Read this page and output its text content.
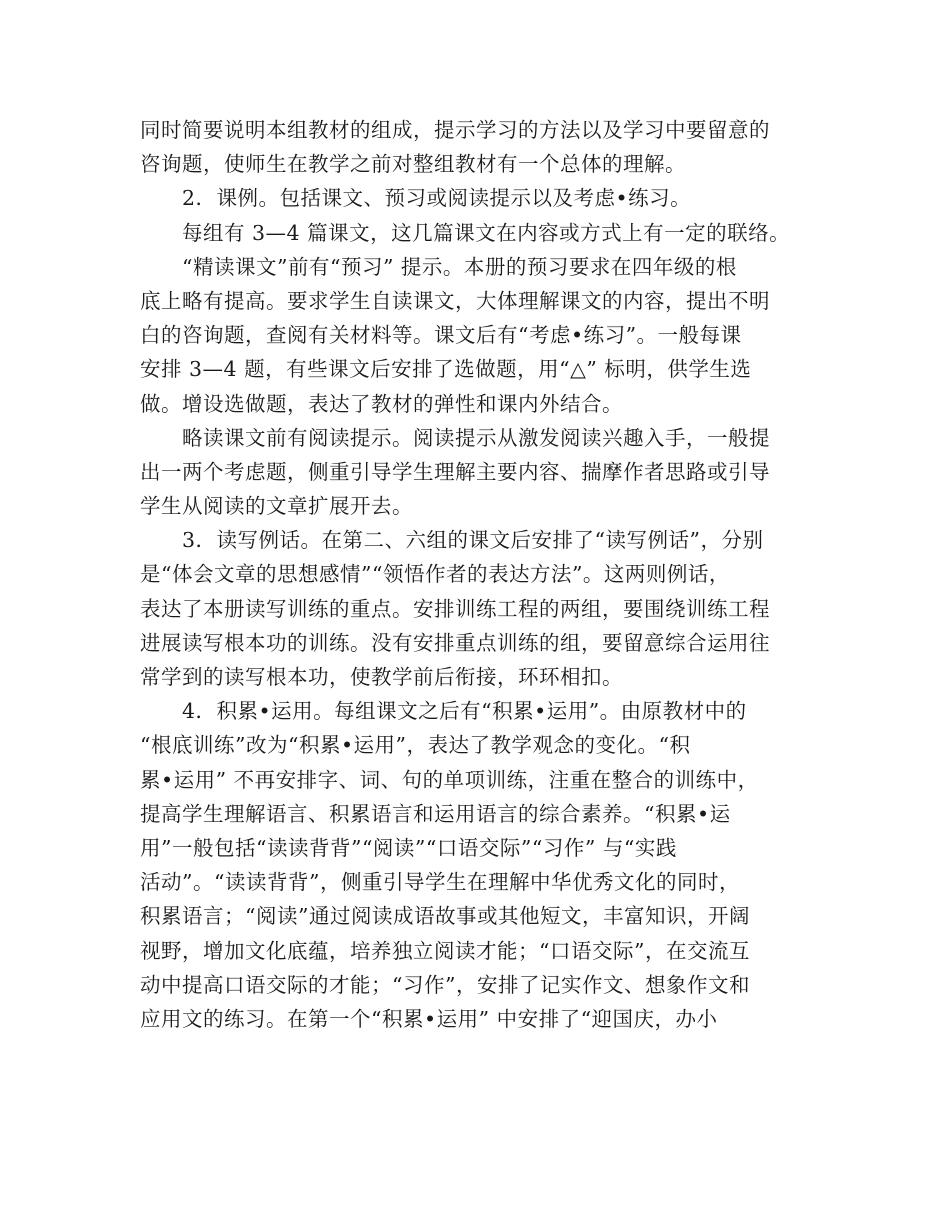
同时简要说明本组教材的组成，提示学习的方法以及学习中要留意的
咨询题，使师生在教学之前对整组教材有一个总体的理解。
2．课例。包括课文、预习或阅读提示以及考虑•练习。
每组有 3—4 篇课文，这几篇课文在内容或方式上有一定的联络。
“精读课文”前有“预习” 提示。本册的预习要求在四年级的根
底上略有提高。要求学生自读课文，大体理解课文的内容，提出不明
白的咨询题，查阅有关材料等。课文后有“考虑•练习”。一般每课
安排 3—4 题，有些课文后安排了选做题，用“△” 标明，供学生选
做。增设选做题，表达了教材的弹性和课内外结合。
略读课文前有阅读提示。阅读提示从激发阅读兴趣入手，一般提
出一两个考虑题，侧重引导学生理解主要内容、揣摩作者思路或引导
学生从阅读的文章扩展开去。
3．读写例话。在第二、六组的课文后安排了“读写例话”，分别
是“体会文章的思想感情”“领悟作者的表达方法”。这两则例话，
表达了本册读写训练的重点。安排训练工程的两组，要围绕训练工程
进展读写根本功的训练。没有安排重点训练的组，要留意综合运用往
常学到的读写根本功，使教学前后衔接，环环相扣。
4．积累•运用。每组课文之后有“积累•运用”。由原教材中的
“根底训练”改为“积累•运用”，表达了教学观念的变化。“积
累•运用” 不再安排字、词、句的单项训练，注重在整合的训练中，
提高学生理解语言、积累语言和运用语言的综合素养。“积累•运
用”一般包括“读读背背”“阅读”“口语交际”“习作” 与“实践
活动”。“读读背背”，侧重引导学生在理解中华优秀文化的同时，
积累语言；“阅读”通过阅读成语故事或其他短文，丰富知识，开阔
视野，增加文化底蕴，培养独立阅读才能；“口语交际”，在交流互
动中提高口语交际的才能；“习作”，安排了记实作文、想象作文和
应用文的练习。在第一个“积累•运用” 中安排了“迎国庆，办小
